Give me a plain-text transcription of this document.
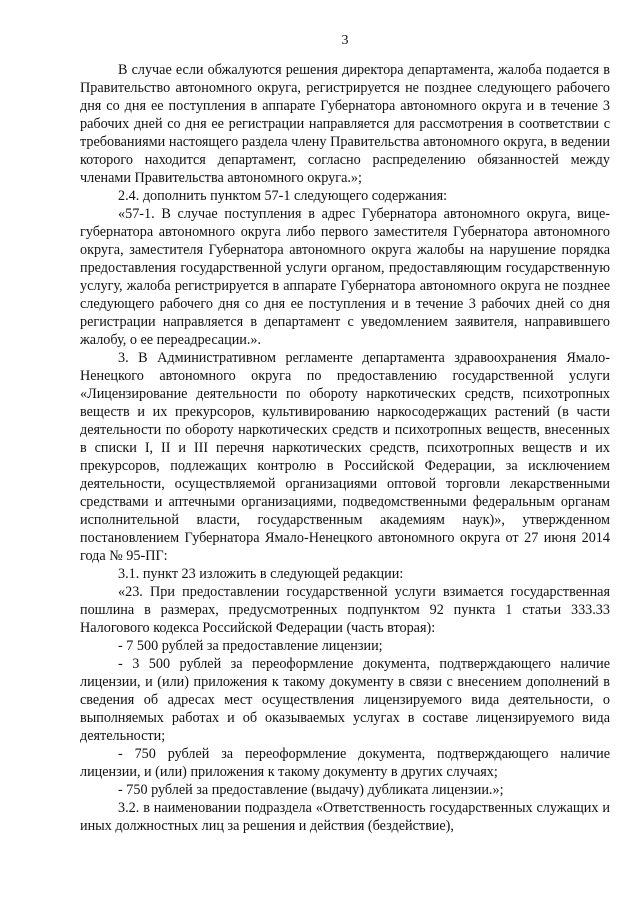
3

В случае если обжалуются решения директора департамента, жалоба подается в Правительство автономного округа, регистрируется не позднее следующего рабочего дня со дня ее поступления в аппарате Губернатора автономного округа и в течение 3 рабочих дней со дня ее регистрации направляется для рассмотрения в соответствии с требованиями настоящего раздела члену Правительства автономного округа, в ведении которого находится департамент, согласно распределению обязанностей между членами Правительства автономного округа.»;

2.4. дополнить пунктом 57-1 следующего содержания:

«57-1. В случае поступления в адрес Губернатора автономного округа, вице-губернатора автономного округа либо первого заместителя Губернатора автономного округа, заместителя Губернатора автономного округа жалобы на нарушение порядка предоставления государственной услуги органом, предоставляющим государственную услугу, жалоба регистрируется в аппарате Губернатора автономного округа не позднее следующего рабочего дня со дня ее поступления и в течение 3 рабочих дней со дня регистрации направляется в департамент с уведомлением заявителя, направившего жалобу, о ее переадресации.».

3. В Административном регламенте департамента здравоохранения Ямало-Ненецкого автономного округа по предоставлению государственной услуги «Лицензирование деятельности по обороту наркотических средств, психотропных веществ и их прекурсоров, культивированию наркосодержащих растений (в части деятельности по обороту наркотических средств и психотропных веществ, внесенных в списки I, II и III перечня наркотических средств, психотропных веществ и их прекурсоров, подлежащих контролю в Российской Федерации, за исключением деятельности, осуществляемой организациями оптовой торговли лекарственными средствами и аптечными организациями, подведомственными федеральным органам исполнительной власти, государственным академиям наук)», утвержденном постановлением Губернатора Ямало-Ненецкого автономного округа от 27 июня 2014 года № 95-ПГ:

3.1. пункт 23 изложить в следующей редакции:

«23. При предоставлении государственной услуги взимается государственная пошлина в размерах, предусмотренных подпунктом 92 пункта 1 статьи 333.33 Налогового кодекса Российской Федерации (часть вторая):

- 7 500 рублей за предоставление лицензии;

- 3 500 рублей за переоформление документа, подтверждающего наличие лицензии, и (или) приложения к такому документу в связи с внесением дополнений в сведения об адресах мест осуществления лицензируемого вида деятельности, о выполняемых работах и об оказываемых услугах в составе лицензируемого вида деятельности;

- 750 рублей за переоформление документа, подтверждающего наличие лицензии, и (или) приложения к такому документу в других случаях;

- 750 рублей за предоставление (выдачу) дубликата лицензии.»;

3.2. в наименовании подраздела «Ответственность государственных служащих и иных должностных лиц за решения и действия (бездействие),
